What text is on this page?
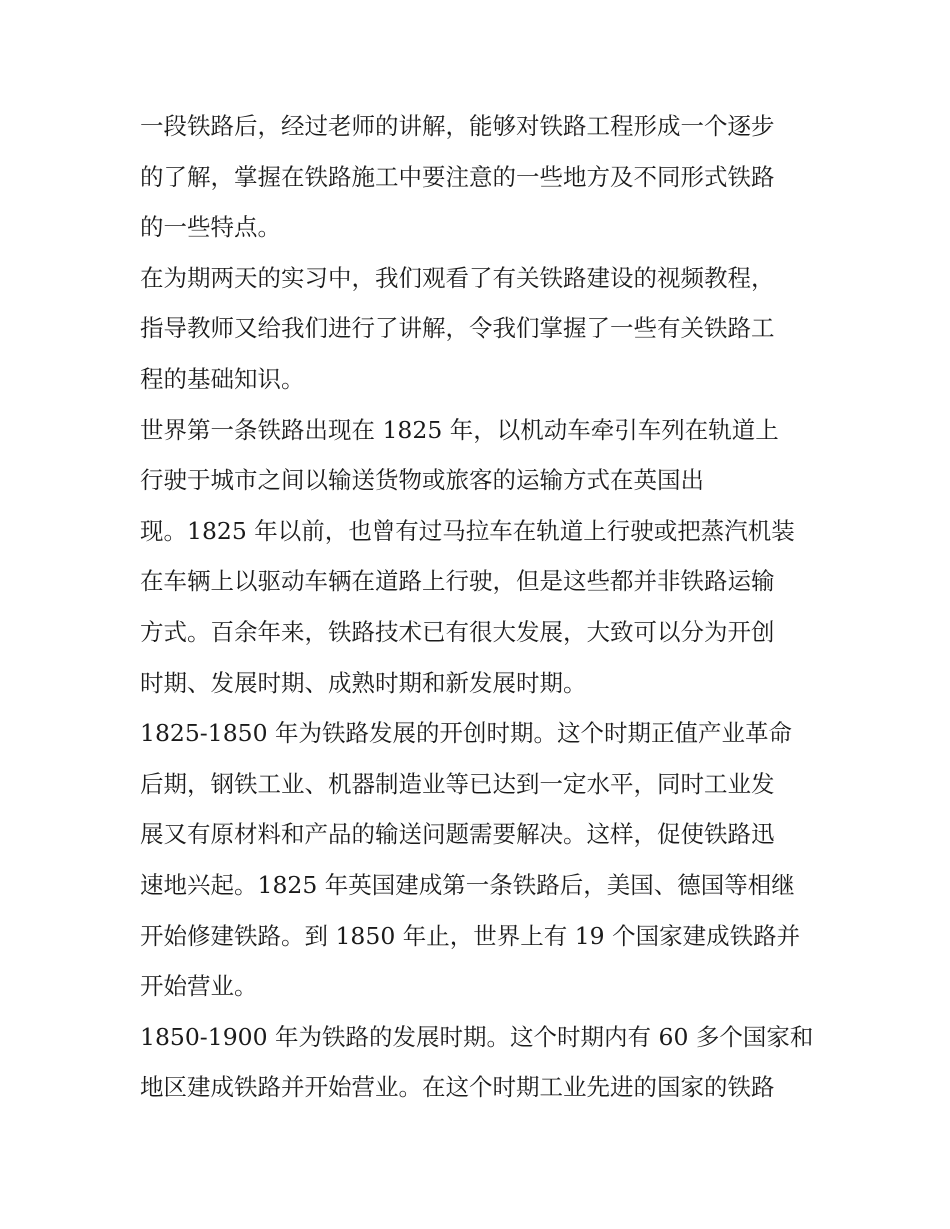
一段铁路后，经过老师的讲解，能够对铁路工程形成一个逐步
的了解，掌握在铁路施工中要注意的一些地方及不同形式铁路
的一些特点。
在为期两天的实习中，我们观看了有关铁路建设的视频教程，
指导教师又给我们进行了讲解，令我们掌握了一些有关铁路工
程的基础知识。
世界第一条铁路出现在 1825 年，以机动车牵引车列在轨道上
行驶于城市之间以输送货物或旅客的运输方式在英国出
现。1825 年以前，也曾有过马拉车在轨道上行驶或把蒸汽机装
在车辆上以驱动车辆在道路上行驶，但是这些都并非铁路运输
方式。百余年来，铁路技术已有很大发展，大致可以分为开创
时期、发展时期、成熟时期和新发展时期。
1825-1850 年为铁路发展的开创时期。这个时期正值产业革命
后期，钢铁工业、机器制造业等已达到一定水平，同时工业发
展又有原材料和产品的输送问题需要解决。这样，促使铁路迅
速地兴起。1825 年英国建成第一条铁路后，美国、德国等相继
开始修建铁路。到 1850 年止，世界上有 19 个国家建成铁路并
开始营业。
1850-1900 年为铁路的发展时期。这个时期内有 60 多个国家和
地区建成铁路并开始营业。在这个时期工业先进的国家的铁路
